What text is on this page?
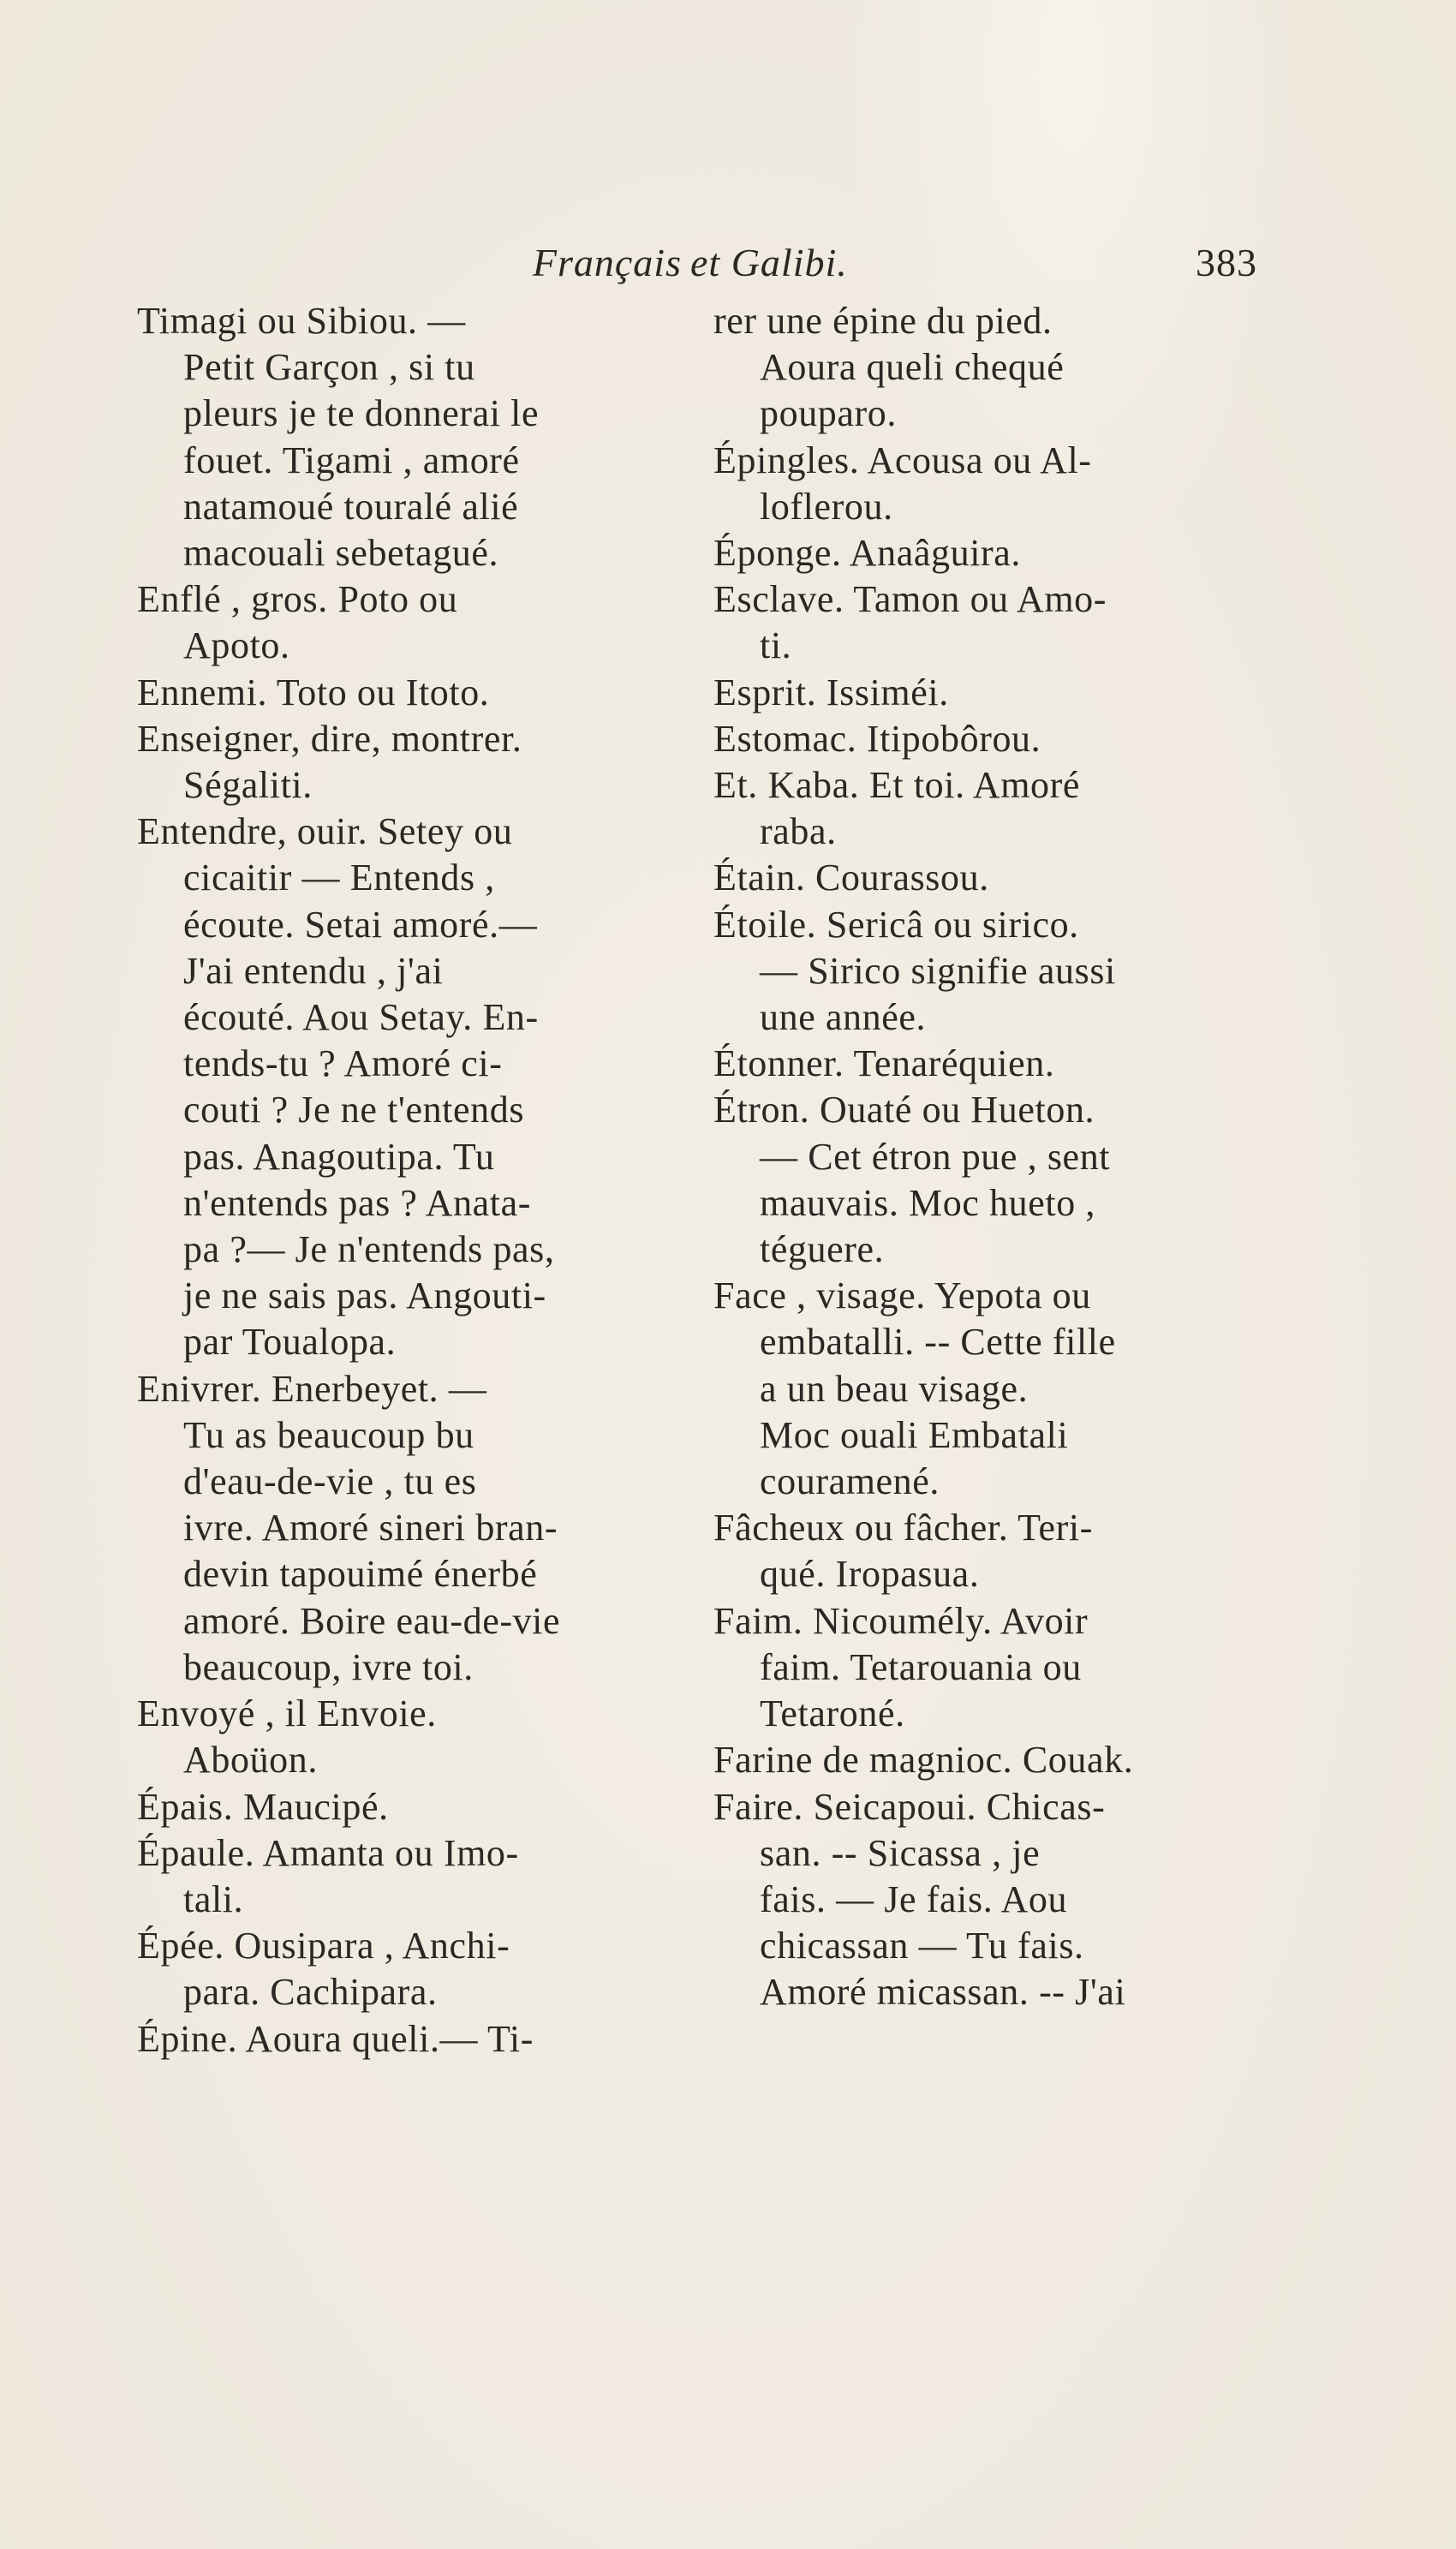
Français et Galibi.	383

Timagi ou Sibiou. —
Petit Garçon , si tu
pleurs je te donnerai le
fouet. Tigami , amoré
natamoué touralé alié
macouali sebetagué.

Enflé , gros. Poto ou
Apoto.

Ennemi. Toto ou Itoto.

Enseigner, dire, montrer.
Ségaliti.

Entendre, ouir. Setey ou
cicaitir — Entends ,
écoute. Setai amoré.—
J'ai entendu , j'ai
écouté. Aou Setay. En-
tends-tu ? Amoré ci-
couti ? Je ne t'entends
pas. Anagoutipa. Tu
n'entends pas ? Anata-
pa ?— Je n'entends pas,
je ne sais pas. Angouti-
par Toualopa.

Enivrer. Enerbeyet. —
Tu as beaucoup bu
d'eau-de-vie , tu es
ivre. Amoré sineri bran-
devin tapouimé énerbé
amoré. Boire eau-de-vie
beaucoup, ivre toi.

Envoyé , il Envoie.
Aboüon.

Épais. Maucipé.

Épaule. Amanta ou Imo-
tali.

Épée. Ousipara , Anchi-
para. Cachipara.

Épine. Aoura queli.— Ti-

rer une épine du pied.
Aoura queli chequé
pouparo.

Épingles. Acousa ou Al-
loflerou.

Éponge. Anaâguira.

Esclave. Tamon ou Amo-
ti.

Esprit. Issiméi.

Estomac. Itipobôrou.

Et. Kaba. Et toi. Amoré
raba.

Étain. Courassou.

Étoile. Sericâ ou sirico.
— Sirico signifie aussi
une année.

Étonner. Tenaréquien.

Étron. Ouaté ou Hueton.
— Cet étron pue , sent
mauvais. Moc hueto ,
téguere.

Face , visage. Yepota ou
embatalli. -- Cette fille
a un beau visage.
Moc ouali Embatali
couramené.

Fâcheux ou fâcher. Teri-
qué. Iropasua.

Faim. Nicoumély. Avoir
faim. Tetarouania ou
Tetaroné.

Farine de magnioc. Couak.

Faire. Seicapoui. Chicas-
san. -- Sicassa , je
fais. — Je fais. Aou
chicassan — Tu fais.
Amoré micassan. -- J'ai
